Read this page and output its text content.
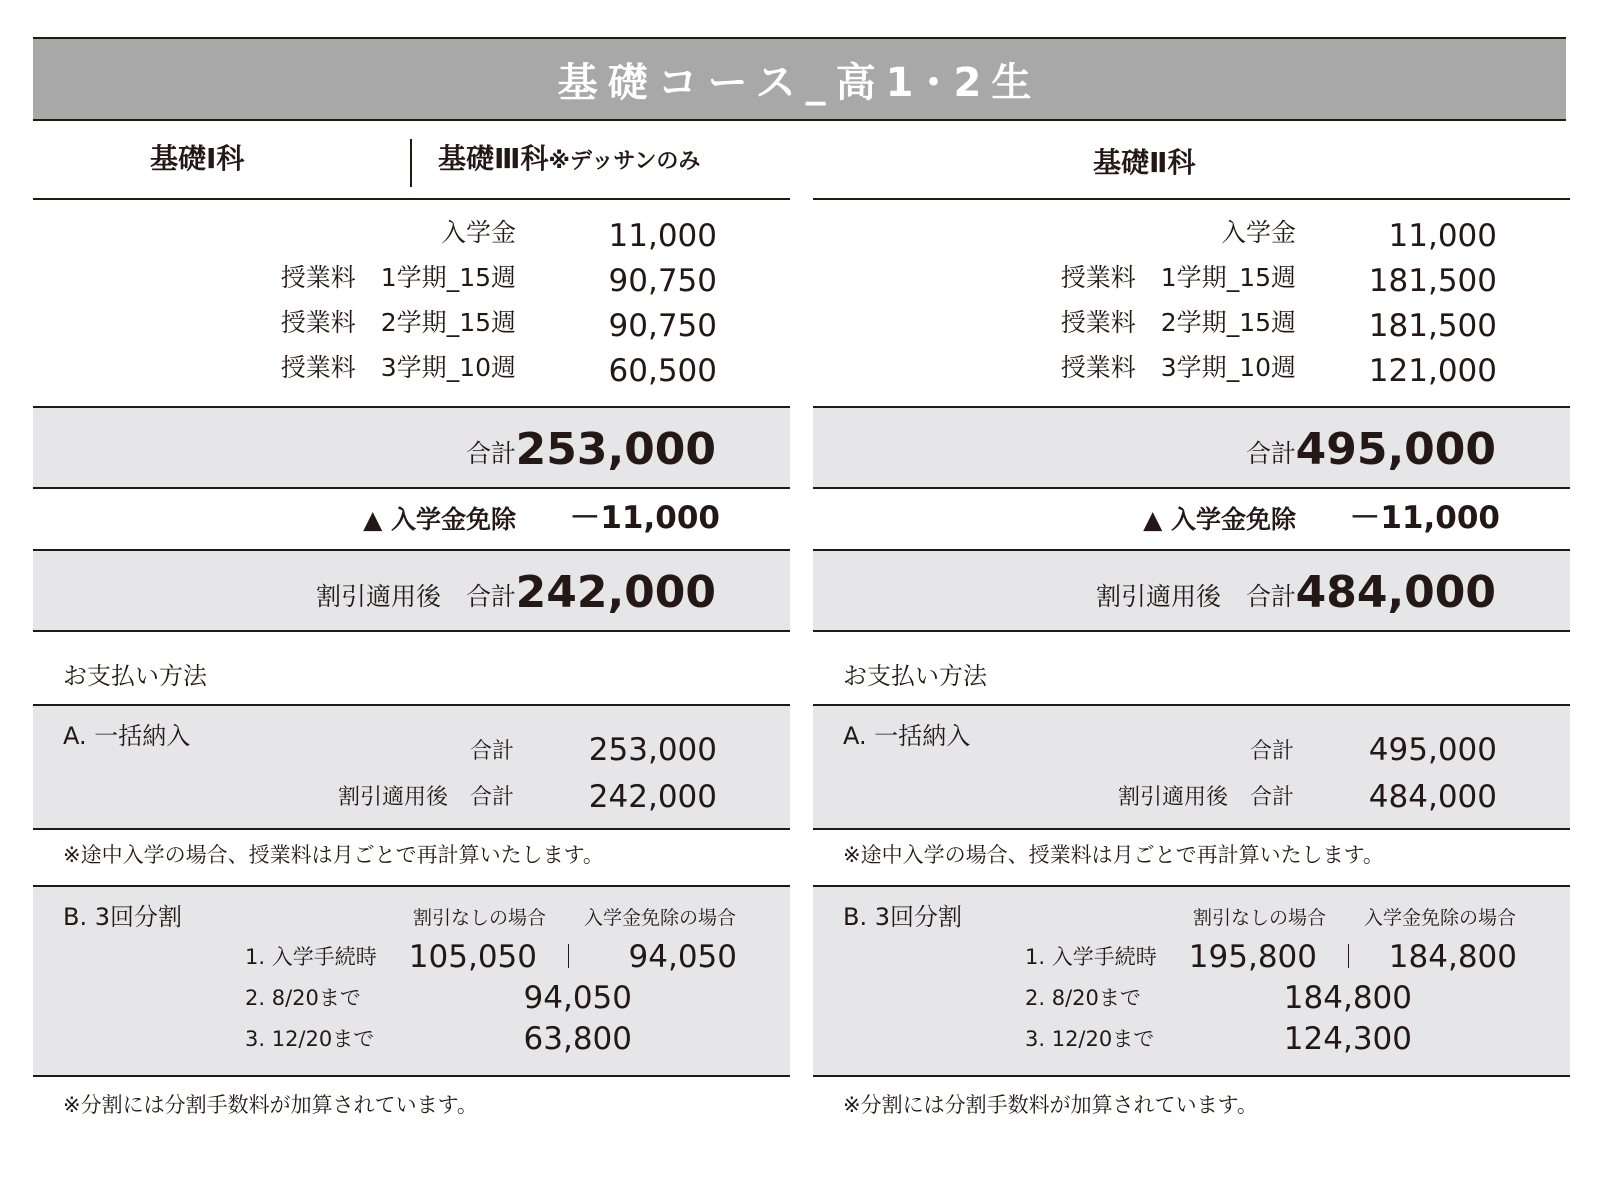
基礎コース_高1･2生
基礎Ⅰ科	基礎Ⅲ科※デッサンのみ
入学金	11,000
授業料　1学期_15週	90,750
授業料　2学期_15週	90,750
授業料　3学期_10週	60,500
合計 253,000
▲ 入学金免除 －11,000
割引適用後　合計 242,000
お支払い方法
A. 一括納入
合計 253,000
割引適用後　合計 242,000
※途中入学の場合、授業料は月ごとで再計算いたします。
B. 3回分割	割引なしの場合 入学金免除の場合
1. 入学手続時 105,050	94,050
2. 8/20まで	94,050
3. 12/20まで	63,800
※分割には分割手数料が加算されています。
基礎Ⅱ科
入学金	11,000
授業料　1学期_15週 181,500
授業料　2学期_15週 181,500
授業料　3学期_10週 121,000
合計 495,000
▲ 入学金免除 －11,000
割引適用後　合計 484,000
お支払い方法
A. 一括納入
合計 495,000
割引適用後　合計 484,000
※途中入学の場合、授業料は月ごとで再計算いたします。
B. 3回分割	割引なしの場合 入学金免除の場合
1. 入学手続時 195,800 184,800
2. 8/20まで	184,800
3. 12/20まで	124,300
※分割には分割手数料が加算されています。
